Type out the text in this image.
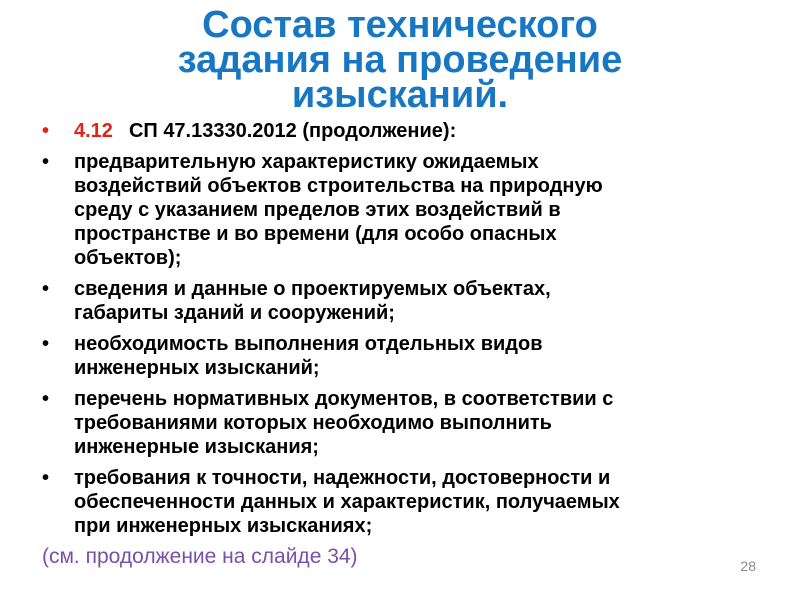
Состав технического
задания на проведение
изысканий.
•	4.12 СП 47.13330.2012 (продолжение):
•	предварительную характеристику ожидаемых
воздействий объектов строительства на природную
среду с указанием пределов этих воздействий в
пространстве и во времени (для особо опасных
объектов);
•	сведения и данные о проектируемых объектах,
габариты зданий и сооружений;
•	необходимость выполнения отдельных видов
инженерных изысканий;
•	перечень нормативных документов, в соответствии с
требованиями которых необходимо выполнить
инженерные изыскания;
•	требования к точности, надежности, достоверности и
обеспеченности данных и характеристик, получаемых
при инженерных изысканиях;
(см. продолжение на слайде 34)	28
